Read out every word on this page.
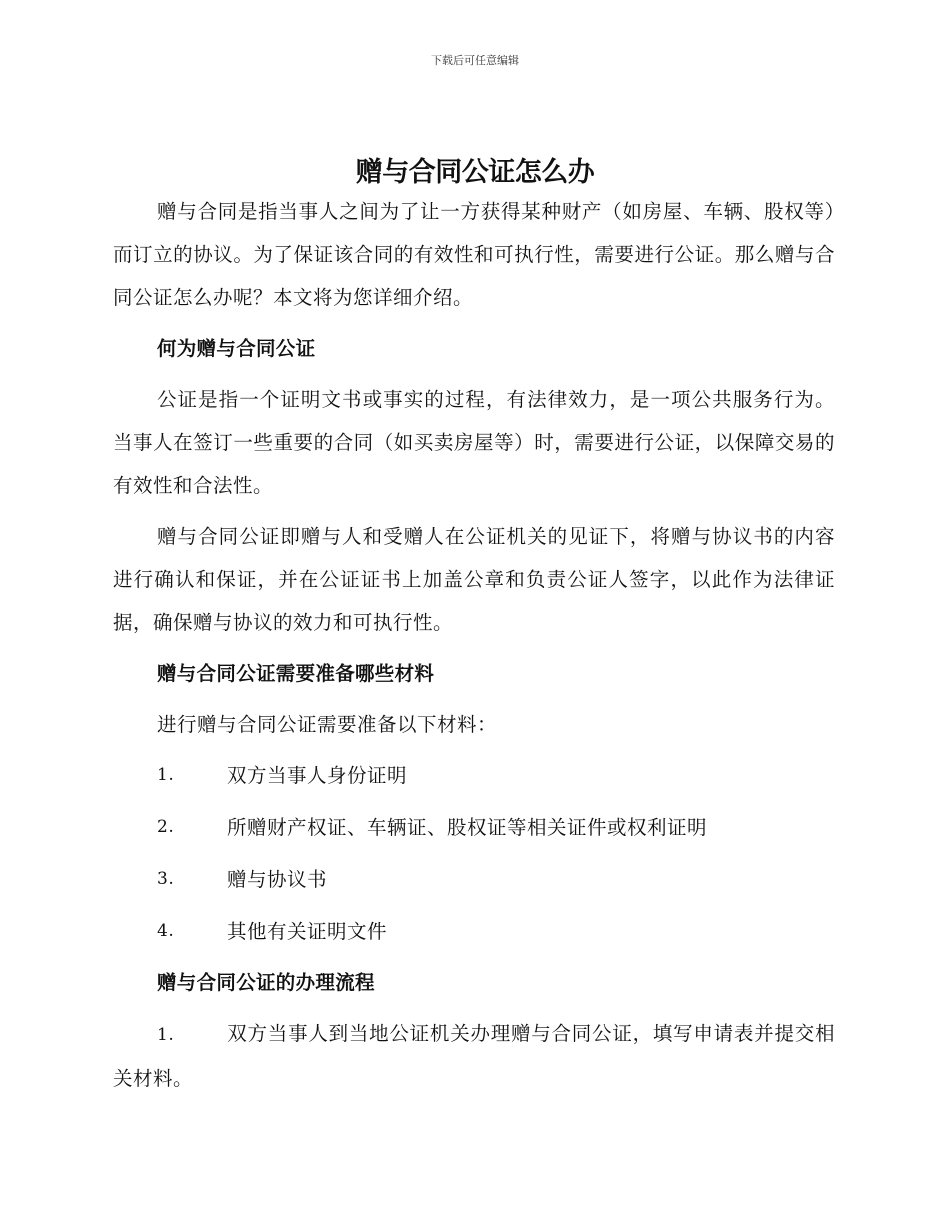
下载后可任意编辑
赠与合同公证怎么办

赠与合同是指当事人之间为了让一方获得某种财产（如房屋、车辆、股权等）而订立的协议。为了保证该合同的有效性和可执行性，需要进行公证。那么赠与合同公证怎么办呢？本文将为您详细介绍。

何为赠与合同公证

公证是指一个证明文书或事实的过程，有法律效力，是一项公共服务行为。当事人在签订一些重要的合同（如买卖房屋等）时，需要进行公证，以保障交易的有效性和合法性。

赠与合同公证即赠与人和受赠人在公证机关的见证下，将赠与协议书的内容进行确认和保证，并在公证证书上加盖公章和负责公证人签字，以此作为法律证据，确保赠与协议的效力和可执行性。

赠与合同公证需要准备哪些材料

进行赠与合同公证需要准备以下材料：

1.	双方当事人身份证明
2.	所赠财产权证、车辆证、股权证等相关证件或权利证明
3.	赠与协议书
4.	其他有关证明文件

赠与合同公证的办理流程

1.	双方当事人到当地公证机关办理赠与合同公证，填写申请表并提交相关材料。
